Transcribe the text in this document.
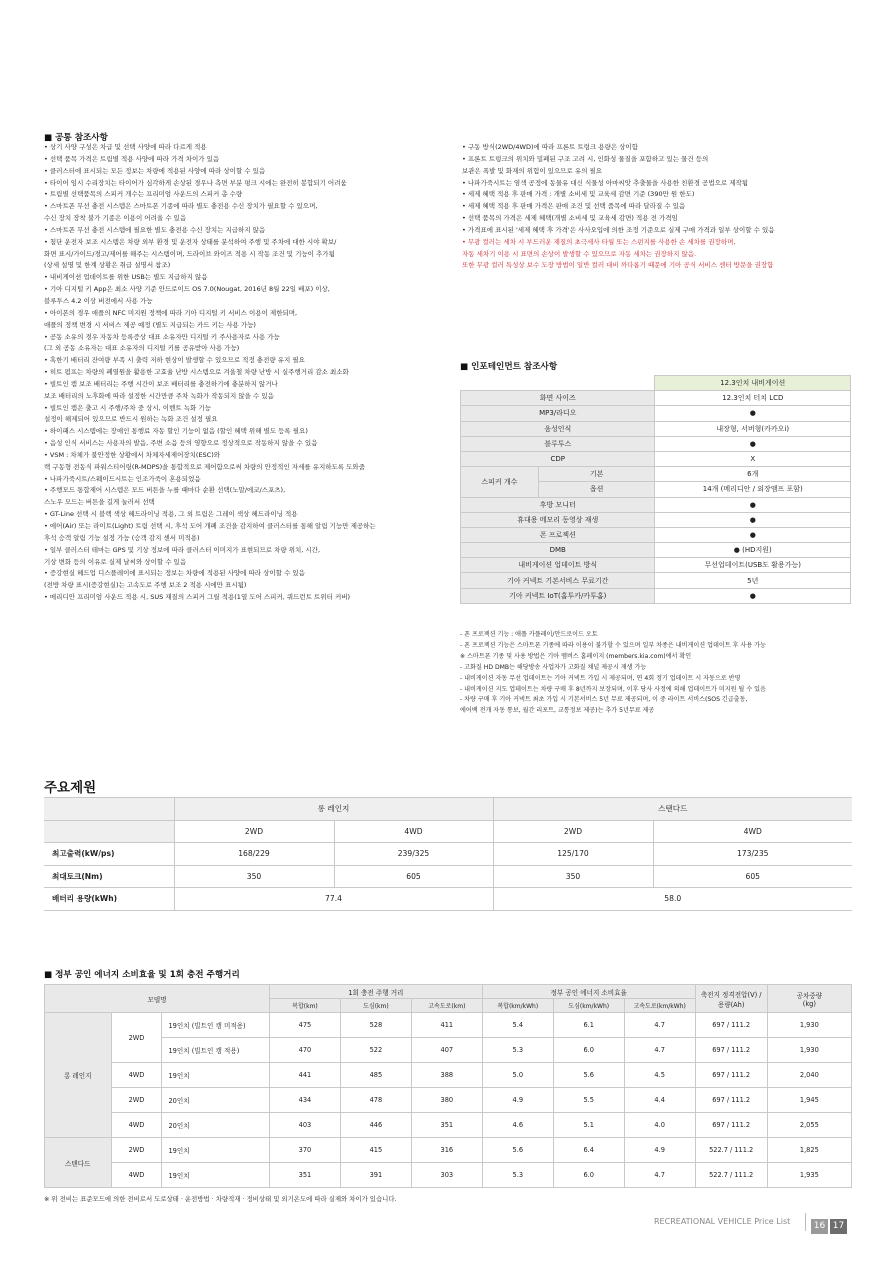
■ 공통 참조사항
• 상기 사양 구성은 차급 및 선택 사양에 따라 다르게 적용
• 선택 품목 가격은 트림별 적용 사양에 따라 가격 차이가 있음
• 클러스터에 표시되는 모든 정보는 차량에 적용된 사양에 따라 상이할 수 있음
• 타이어 임시 수리장치는 타이어가 심각하게 손상된 경우나 측면 부분 펑크 시에는 완전히 봉합되기 어려움
• 트림별 선택품목의 스피커 개수는 프리미엄 사운드의 스피커 총 수량
• 스마트폰 무선 충전 시스템은 스마트폰 기종에 따라 별도 충전용 수신 장치가 필요할 수 있으며,
수신 장치 장착 불가 기종은 이용이 어려울 수 있음
• 스마트폰 무선 충전 시스템에 필요한 별도 충전용 수신 장치는 지급하지 않음
• 첨단 운전자 보조 시스템은 차량 외부 환경 및 운전자 상태를 분석하여 주행 및 주차에 대한 시야 확보/
화면 표시/가이드/경고/제어를 해주는 시스템이며, 드라이브 와이즈 적용 시 작동 조건 및 기능이 추가됨
(상세 설명 및 한계 상황은 취급 설명서 참조)
• 내비게이션 업데이트를 위한 USB는 별도 지급하지 않음
• 기아 디지털 키 App은 최소 사양 기준 안드로이드 OS 7.0(Nougat, 2016년 8월 22일 배포) 이상,
블루투스 4.2 이상 버전에서 사용 가능
• 아이폰의 경우 애플의 NFC 미지원 정책에 따라 기아 디지털 키 서비스 이용이 제한되며,
애플의 정책 변경 시 서비스 제공 예정 (별도 지급되는 카드 키는 사용 가능)
• 공동 소유의 경우 자동차 등록증상 대표 소유자만 디지털 키 주사용자로 사용 가능
(그 외 공동 소유자는 대표 소유자의 디지털 키를 공유받아 사용 가능)
• 혹한기 배터리 잔여량 부족 시 출력 저하 현상이 발생할 수 있으므로 적정 충전량 유지 필요
• 히트 펌프는 차량의 폐열원을 활용한 고효율 난방 시스템으로 겨울철 차량 난방 시 실주행거리 감소 최소화
• 빌트인 캠 보조 배터리는 주행 시간이 보조 배터리를 충전하기에 충분하지 않거나
보조 배터리의 노후화에 따라 설정한 시간만큼 주차 녹화가 작동되지 않을 수 있음
• 빌트인 캠은 출고 시 주행/주차 중 상시, 이벤트 녹화 기능
설정이 해제되어 있으므로 반드시 원하는 녹화 조건 설정 필요
• 하이패스 시스템에는 장애인 통행료 자동 할인 기능이 없음 (할인 혜택 위해 별도 등록 필요)
• 음성 인식 서비스는 사용자의 발음, 주변 소음 등의 영향으로 정상적으로 작동하지 않을 수 있음
• VSM : 차체가 불안정한 상황에서 차체자세제어장치(ESC)와
랙 구동형 전동식 파워스티어링(R-MDPS)을 통합적으로 제어함으로써 차량의 안정적인 자세를 유지하도록 도와줌
• 나파가죽시트/스웨이드시트는 인조가죽이 혼용되었음
• 주행모드 통합제어 시스템은 모드 버튼을 누를 때마다 순환 선택(노말/에코/스포츠),
스노우 모드는 버튼을 길게 눌러서 선택
• GT-Line 선택 시 블랙 색상 헤드라이닝 적용, 그 외 트림은 그레이 색상 헤드라이닝 적용
• 에어(Air) 또는 라이트(Light) 트림 선택 시, 후석 도어 개폐 조건을 감지하여 클러스터를 통해 알림 기능만 제공하는
후석 승객 알림 기능 설정 가능 (승객 감지 센서 미적용)
• 일부 클러스터 테마는 GPS 및 기상 정보에 따라 클러스터 이미지가 표현되므로 차량 위치, 시간,
기상 변화 등의 이유로 실제 날씨와 상이할 수 있음
• 증강현실 헤드업 디스플레이에 표시되는 정보는 차량에 적용된 사양에 따라 상이할 수 있음
(전방 차량 표시(증강현실)는 고속도로 주행 보조 2 적용 시에만 표시됨)
• 메리디안 프리미엄 사운드 적용 시, SUS 재질의 스피커 그릴 적용(1열 도어 스피커, 쿼드런트 트위터 커버)
• 구동 방식(2WD/4WD)에 따라 프론트 트렁크 용량은 상이함
• 프론트 트렁크의 위치와 밀폐된 구조 고려 시, 인화성 물질을 포함하고 있는 물건 등의
보관은 폭발 및 화재의 위험이 있으므로 유의 필요
• 나파가죽시트는 염색 공정에 동물유 대신 식물성 아마씨앗 추출물을 사용한 친환경 공법으로 제작됨
• 세제 혜택 적용 후 판매 가격 : 개별 소비세 및 교육세 감면 기준 (390만 원 한도)
• 세제 혜택 적용 후 판매 가격은 판매 조건 및 선택 품목에 따라 달라질 수 있음
• 선택 품목의 가격은 세제 혜택(개별 소비세 및 교육세 감면) 적용 전 가격임
• 가격표에 표시된 '세제 혜택 후 가격'은 사사오입에 의한 조정 기준으로 실제 구매 가격과 일부 상이할 수 있음
• 무광 컬러는 세차 시 부드러운 재질의 초극세사 타월 또는 스펀지를 사용한 손 세차를 권장하며,
자동 세차기 이용 시 표면의 손상이 발생할 수 있으므로 자동 세차는 권장하지 않음.
또한 무광 컬러 특성상 보수 도장 방법이 일반 컬러 대비 까다롭기 때문에 기아 공식 서비스 센터 방문을 권장함
■ 인포테인먼트 참조사항
		12.3인치 내비게이션
화면 사이즈		12.3인치 터치 LCD
MP3/라디오		●
음성인식		내장형, 서버형(카카오i)
블루투스		●
CDP		X
스피커 개수	기본	6개
	옵션	14개 (메리디안 / 외장앰프 포함)
후방 모니터		●
휴대용 메모리 동영상 재생		●
폰 프로젝션		●
DMB		● (HD지원)
내비게이션 업데이트 방식		무선업데이트(USB도 활용가능)
기아 커넥트 기본서비스 무료기간		5년
기아 커넥트 IoT(홈투카/카투홈)		●
- 폰 프로젝션 기능 : 애플 카플레이/안드로이드 오토
- 폰 프로젝션 기능은 스마트폰 기종에 따라 이용이 불가할 수 있으며 일부 차종은 내비게이션 업데이트 후 사용 가능
※ 스마트폰 기종 및 사용 방법은 기아 멤버스 홈페이지 (members.kia.com)에서 확인
- 고화질 HD DMB는 해당방송 사업자가 고화질 채널 제공시 재생 가능
- 내비게이션 자동 무선 업데이트는 기아 커넥트 가입 시 제공되며, 연 4회 정기 업데이트 시 자동으로 반영
- 내비게이션 지도 업데이트는 차량 구매 후 8년까지 보장되며, 이후 당사 사정에 의해 업데이트가 미지원 될 수 있음
- 차량 구매 후 기아 커넥트 최초 가입 시 기본서비스 5년 무료 제공되며, 이 중 라이트 서비스(SOS 긴급출동,
에어백 전개 자동 통보, 월간 리포트, 교통정보 제공)는 추가 5년무료 제공
주요제원
	롱 레인지		스탠다드	
	2WD	4WD	2WD	4WD
최고출력(kW/ps)	168/229	239/325	125/170	173/235
최대토크(Nm)	350	605	350	605
배터리 용량(kWh)	77.4		58.0	
■ 정부 공인 에너지 소비효율 및 1회 충전 주행거리
모델명			1회 충전 주행 거리			정부 공인 에너지 소비효율			축전지 정격전압(V) /
용량(Ah)	공차중량
(kg)
			복합(km)	도심(km)	고속도로(km)	복합(km/kWh)	도심(km/kWh)	고속도로(km/kWh)		
롱 레인지	2WD	19인치 (빌트인 캠 미적용)	475	528	411	5.4	6.1	4.7	697 / 111.2	1,930
		19인치 (빌트인 캠 적용)	470	522	407	5.3	6.0	4.7	697 / 111.2	1,930
	4WD	19인치	441	485	388	5.0	5.6	4.5	697 / 111.2	2,040
	2WD	20인치	434	478	380	4.9	5.5	4.4	697 / 111.2	1,945
	4WD	20인치	403	446	351	4.6	5.1	4.0	697 / 111.2	2,055
스탠다드	2WD	19인치	370	415	316	5.6	6.4	4.9	522.7 / 111.2	1,825
	4WD	19인치	351	391	303	5.3	6.0	4.7	522.7 / 111.2	1,935
※ 위 전비는 표준모드에 의한 전비로서 도로상태 · 운전방법 · 차량적재 · 정비상태 및 외기온도에 따라 실제와 차이가 있습니다.
RECREATIONAL VEHICLE Price List	16 17
